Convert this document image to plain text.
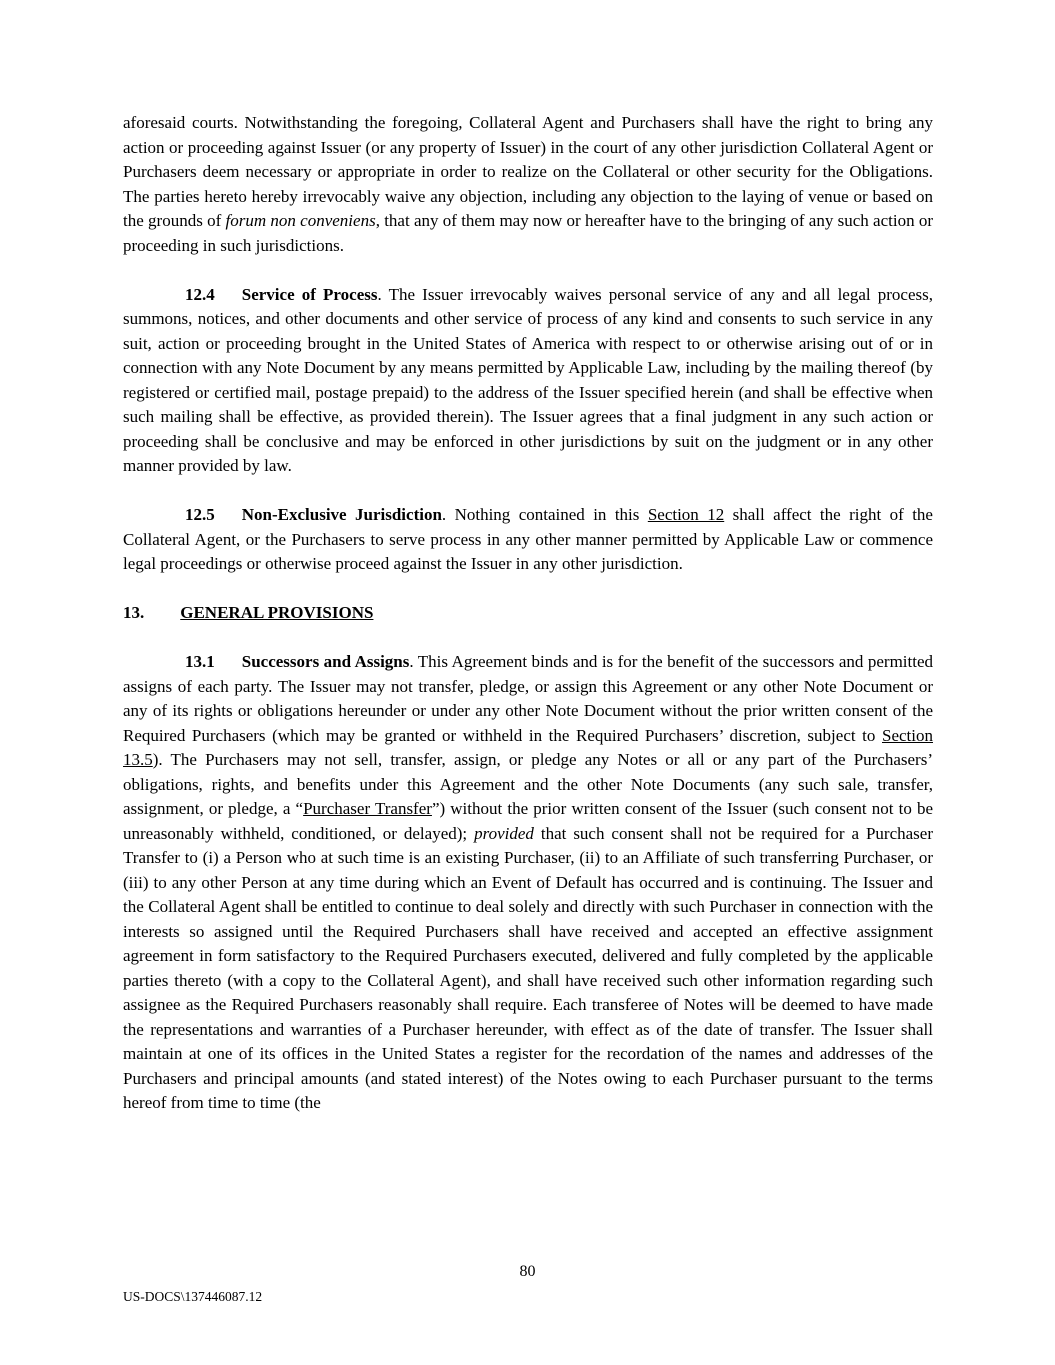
aforesaid courts. Notwithstanding the foregoing, Collateral Agent and Purchasers shall have the right to bring any action or proceeding against Issuer (or any property of Issuer) in the court of any other jurisdiction Collateral Agent or Purchasers deem necessary or appropriate in order to realize on the Collateral or other security for the Obligations. The parties hereto hereby irrevocably waive any objection, including any objection to the laying of venue or based on the grounds of forum non conveniens, that any of them may now or hereafter have to the bringing of any such action or proceeding in such jurisdictions.

12.4 Service of Process. The Issuer irrevocably waives personal service of any and all legal process, summons, notices, and other documents and other service of process of any kind and consents to such service in any suit, action or proceeding brought in the United States of America with respect to or otherwise arising out of or in connection with any Note Document by any means permitted by Applicable Law, including by the mailing thereof (by registered or certified mail, postage prepaid) to the address of the Issuer specified herein (and shall be effective when such mailing shall be effective, as provided therein). The Issuer agrees that a final judgment in any such action or proceeding shall be conclusive and may be enforced in other jurisdictions by suit on the judgment or in any other manner provided by law.

12.5 Non-Exclusive Jurisdiction. Nothing contained in this Section 12 shall affect the right of the Collateral Agent, or the Purchasers to serve process in any other manner permitted by Applicable Law or commence legal proceedings or otherwise proceed against the Issuer in any other jurisdiction.

13. GENERAL PROVISIONS

13.1 Successors and Assigns. This Agreement binds and is for the benefit of the successors and permitted assigns of each party. The Issuer may not transfer, pledge, or assign this Agreement or any other Note Document or any of its rights or obligations hereunder or under any other Note Document without the prior written consent of the Required Purchasers (which may be granted or withheld in the Required Purchasers’ discretion, subject to Section 13.5). The Purchasers may not sell, transfer, assign, or pledge any Notes or all or any part of the Purchasers’ obligations, rights, and benefits under this Agreement and the other Note Documents (any such sale, transfer, assignment, or pledge, a “Purchaser Transfer”) without the prior written consent of the Issuer (such consent not to be unreasonably withheld, conditioned, or delayed); provided that such consent shall not be required for a Purchaser Transfer to (i) a Person who at such time is an existing Purchaser, (ii) to an Affiliate of such transferring Purchaser, or (iii) to any other Person at any time during which an Event of Default has occurred and is continuing. The Issuer and the Collateral Agent shall be entitled to continue to deal solely and directly with such Purchaser in connection with the interests so assigned until the Required Purchasers shall have received and accepted an effective assignment agreement in form satisfactory to the Required Purchasers executed, delivered and fully completed by the applicable parties thereto (with a copy to the Collateral Agent), and shall have received such other information regarding such assignee as the Required Purchasers reasonably shall require. Each transferee of Notes will be deemed to have made the representations and warranties of a Purchaser hereunder, with effect as of the date of transfer. The Issuer shall maintain at one of its offices in the United States a register for the recordation of the names and addresses of the Purchasers and principal amounts (and stated interest) of the Notes owing to each Purchaser pursuant to the terms hereof from time to time (the

80
US-DOCS\137446087.12
